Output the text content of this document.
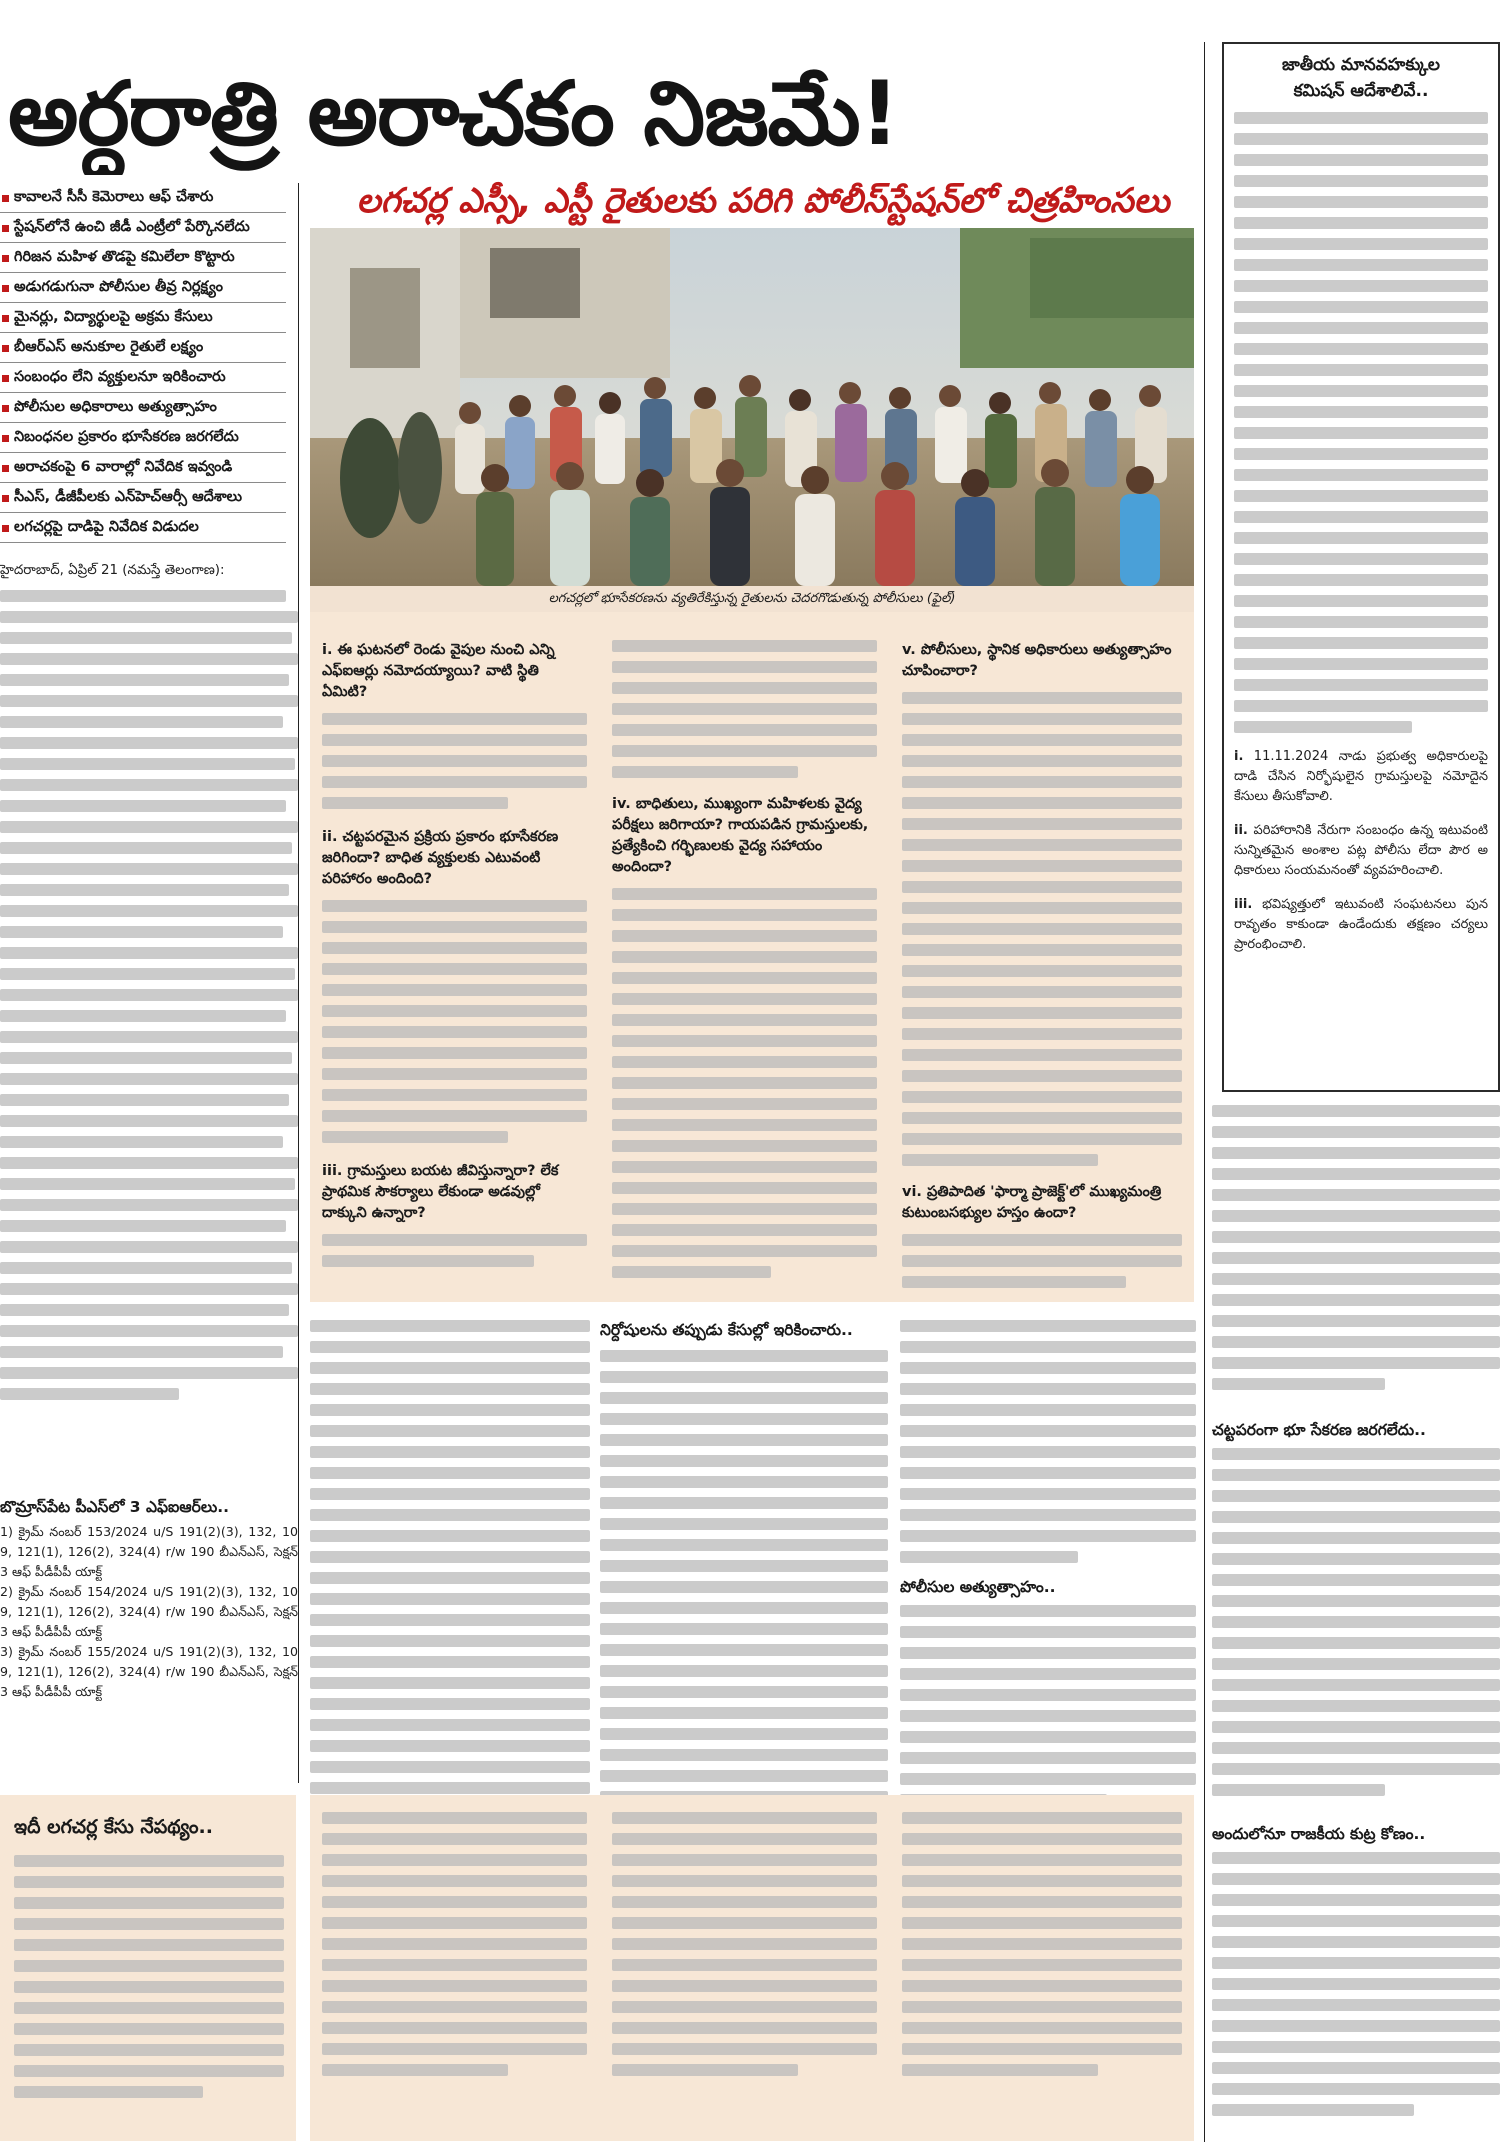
అర్ధరాత్రి అరాచకం నిజమే!
లగచర్ల ఎస్సీ, ఎస్టీ రైతులకు పరిగి పోలీస్‌స్టేషన్‌లో చిత్రహింసలు
కావాలనే సీసీ కెమెరాలు ఆఫ్ చేశారు
స్టేషన్‌లోనే ఉంచి జీడీ ఎంట్రీలో పేర్కొనలేదు
గిరిజన మహిళ తొడపై కమిలేలా కొట్టారు
అడుగడుగునా పోలీసుల తీవ్ర నిర్లక్ష్యం
మైనర్లు, విద్యార్థులపై అక్రమ కేసులు
బీఆర్‌ఎస్ అనుకూల రైతులే లక్ష్యం
సంబంధం లేని వ్యక్తులనూ ఇరికించారు
పోలీసుల అధికారాలు అత్యుత్సాహం
నిబంధనల ప్రకారం భూసేకరణ జరగలేదు
అరాచకంపై 6 వారాల్లో నివేదిక ఇవ్వండి
సీఎస్, డీజీపీలకు ఎన్‌హెచ్‌ఆర్సీ ఆదేశాలు
లగచర్లపై దాడిపై నివేదిక విడుదల
లగచర్లలో భూసేకరణను వ్యతిరేకిస్తున్న రైతులను చెదరగొడుతున్న పోలీసులు (ఫైల్)
హైదరాబాద్, ఏప్రిల్ 21 (నమస్తే తెలంగాణ):
బొమ్రాస్‌పేట పీఎస్‌లో 3 ఎఫ్‌ఐఆర్‌లు..
1) క్రైమ్ నంబర్ 153/2024 u/S 191(2)(3), 132, 109, 121(1), 126(2), 324(4) r/w 190 బీఎన్‌ఎస్, సెక్షన్ 3 ఆఫ్ పీడీపీపీ యాక్ట్
2) క్రైమ్ నంబర్ 154/2024 u/S 191(2)(3), 132, 109, 121(1), 126(2), 324(4) r/w 190 బీఎన్‌ఎస్, సెక్షన్ 3 ఆఫ్ పీడీపీపీ యాక్ట్
3) క్రైమ్ నంబర్ 155/2024 u/S 191(2)(3), 132, 109, 121(1), 126(2), 324(4) r/w 190 బీఎన్‌ఎస్, సెక్షన్ 3 ఆఫ్ పీడీపీపీ యాక్ట్
i. ఈ ఘటనలో రెండు వైపుల నుంచి ఎన్ని ఎఫ్‌ఐఆర్లు నమోదయ్యాయి? వాటి స్థితి ఏమిటి?
ii. చట్టపరమైన ప్రక్రియ ప్రకారం భూసేకరణ జరిగిందా? బాధిత వ్యక్తులకు ఎటువంటి పరిహారం అందింది?
iii. గ్రామస్తులు బయట జీవిస్తున్నారా? లేక ప్రాథమిక సౌకర్యాలు లేకుండా అడవుల్లో దాక్కుని ఉన్నారా?
iv. బాధితులు, ముఖ్యంగా మహిళలకు వైద్య పరీక్షలు జరిగాయా? గాయపడిన గ్రామస్తులకు, ప్రత్యేకించి గర్భిణులకు వైద్య సహాయం అందిందా?
v. పోలీసులు, స్థానిక అధికారులు అత్యుత్సాహం చూపించారా?
vi. ప్రతిపాదిత 'ఫార్మా ప్రాజెక్ట్'లో ముఖ్యమంత్రి కుటుంబసభ్యుల హస్తం ఉందా?
నిర్దోషులను తప్పుడు కేసుల్లో ఇరికించారు..
పోలీసుల అత్యుత్సాహం..
జాతీయ మానవహక్కుల
కమిషన్ ఆదేశాలివే..
i. 11.11.2024 నాడు ప్రభుత్వ అధికారులపై దాడి చేసిన నిర్భోషులైన గ్రామస్తులపై నమోదైన కేసులు తీసుకోవాలి.
ii. పరిహారానికి నేరుగా సంబంధం ఉన్న ఇటువంటి సున్నితమైన అంశాల పట్ల పోలీసు లేదా పౌర అధికారులు సంయమనంతో వ్యవహరించాలి.
iii. భవిష్యత్తులో ఇటువంటి సంఘటనలు పునరావృతం కాకుండా ఉండేందుకు తక్షణం చర్యలు ప్రారంభించాలి.
చట్టపరంగా భూ సేకరణ జరగలేదు..
అందులోనూ రాజకీయ కుట్ర కోణం..
ఇదీ లగచర్ల కేసు నేపథ్యం..
